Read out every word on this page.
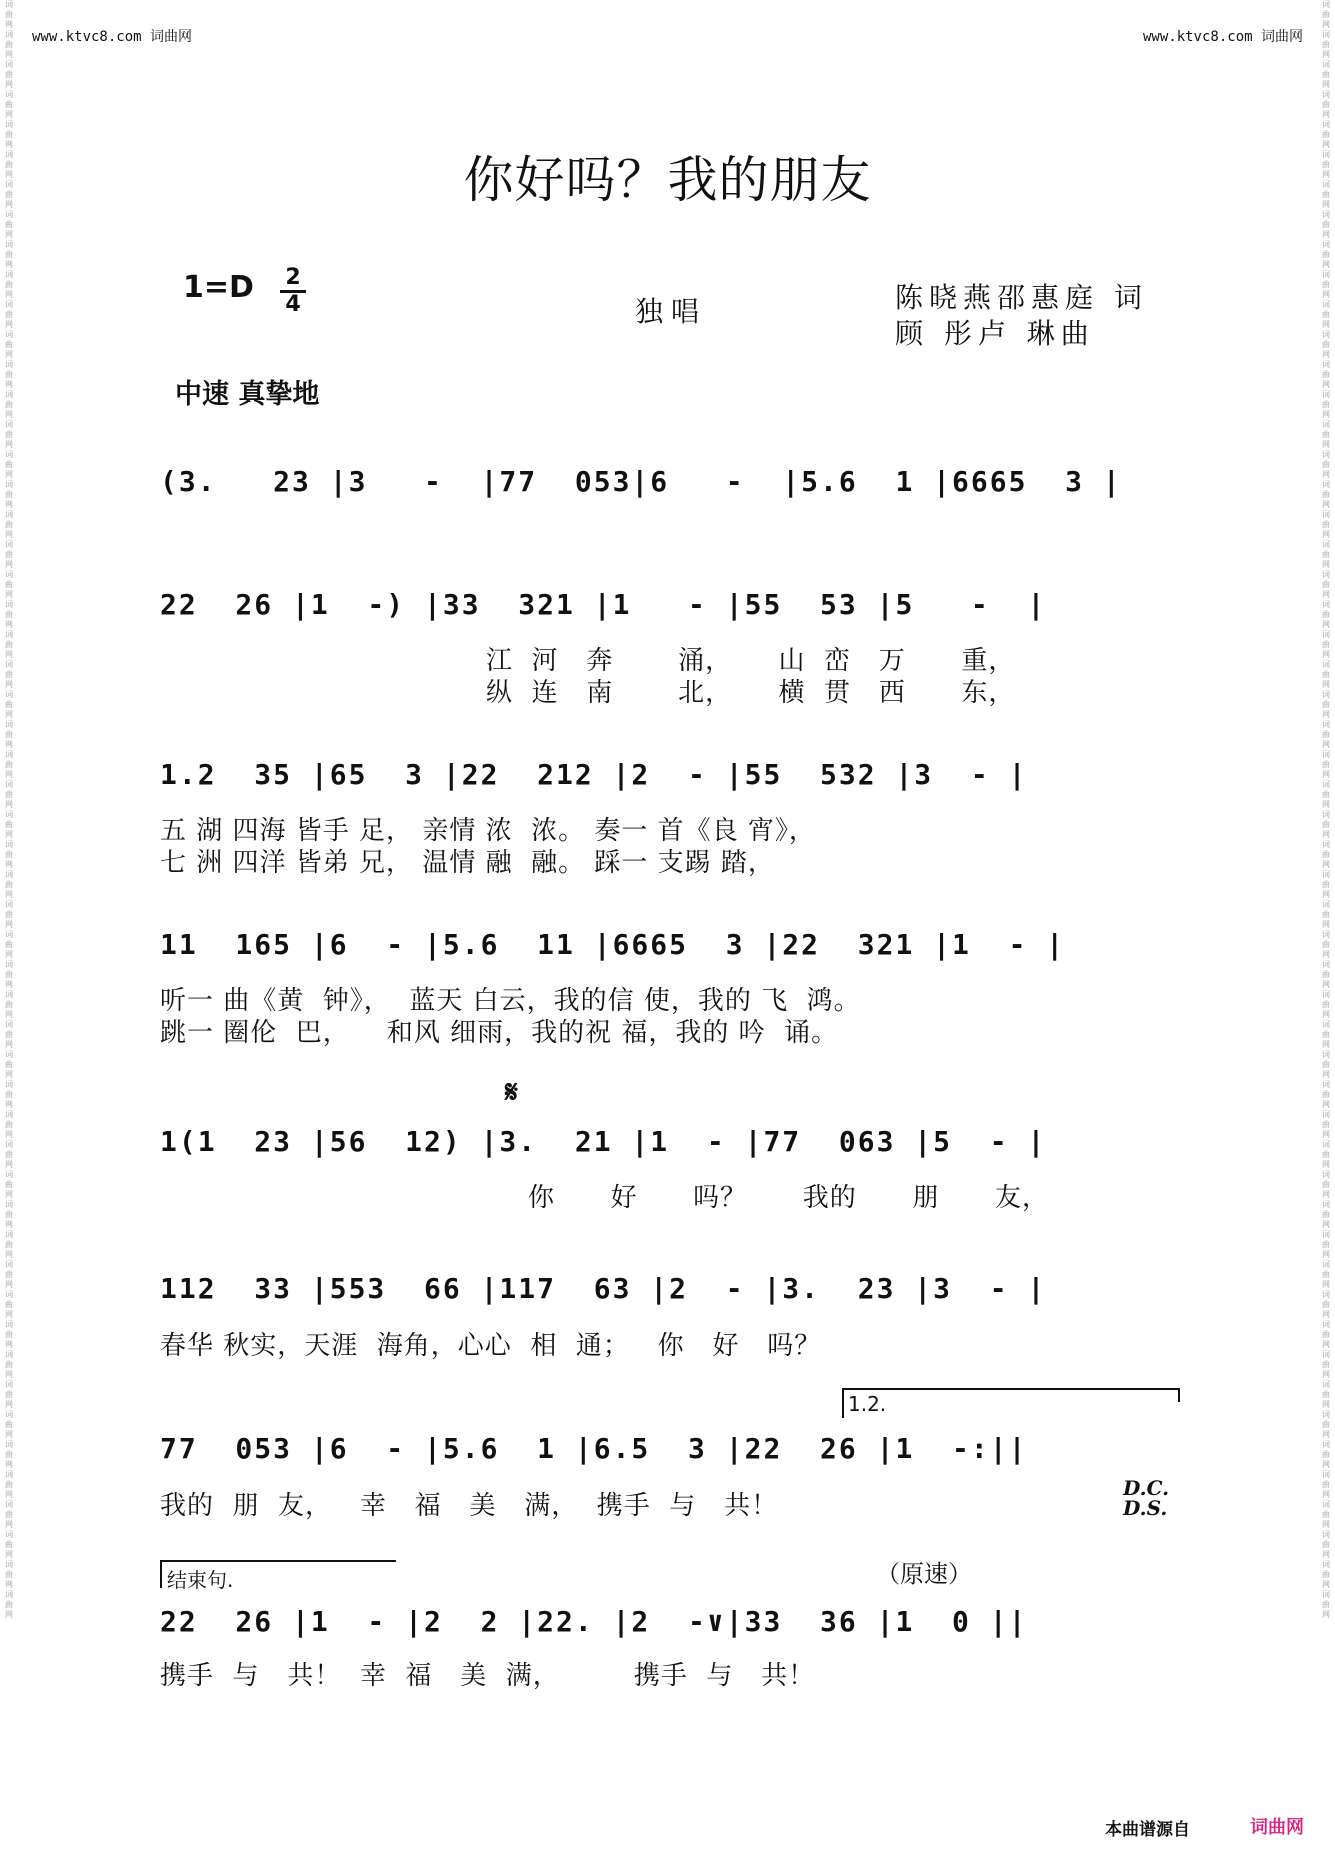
词曲网词曲网词曲网词曲网词曲网词曲网词曲网词曲网词曲网词曲网词曲网词曲网词曲网词曲网词曲网词曲网词曲网词曲网词曲网词曲网词曲网词曲网词曲网词曲网词曲网词曲网词曲网词曲网词曲网词曲网词曲网词曲网词曲网词曲网词曲网词曲网词曲网词曲网词曲网词曲网词曲网词曲网词曲网词曲网词曲网词曲网词曲网词曲网词曲网词曲网词曲网词曲网词曲网词曲网
词曲网词曲网词曲网词曲网词曲网词曲网词曲网词曲网词曲网词曲网词曲网词曲网词曲网词曲网词曲网词曲网词曲网词曲网词曲网词曲网词曲网词曲网词曲网词曲网词曲网词曲网词曲网词曲网词曲网词曲网词曲网词曲网词曲网词曲网词曲网词曲网词曲网词曲网词曲网词曲网词曲网词曲网词曲网词曲网词曲网词曲网词曲网词曲网词曲网词曲网词曲网词曲网词曲网词曲网
www.ktvc8.com 词曲网	www.ktvc8.com 词曲网
你好吗？我的朋友
1=D 2
4	独唱	陈晓燕邵惠庭 词
顾 彤卢 琳曲
中速 真挚地
(3.   23 |3   -  |77  053|6   -  |5.6  1 |6665  3 |
22  26 |1  -) |33  321 |1   - |55  53 |5   -  |
江  河   奔       涌，     山  峦   万      重，
纵  连   南       北，     横  贯   西      东，
1.2  35 |65  3 |22  212 |2  - |55  532 |3  - |
五 湖 四海 皆手 足， 亲情 浓  浓。 奏一 首《良 宵》，
七 洲 四洋 皆弟 兄， 温情 融  融。 踩一 支踢 踏，
11  165 |6  - |5.6  11 |6665  3 |22  321 |1  - |
听一 曲《黄  钟》，  蓝天 白云，我的信 使，我的 飞  鸿。
跳一 圈伦  巴，    和风 细雨，我的祝 福，我的 吟  诵。
𝄋
1(1  23 |56  12) |3.  21 |1  - |77  063 |5  - |
你      好      吗？      我的      朋      友，
112  33 |553  66 |117  63 |2  - |3.  23 |3  - |
春华 秋实，天涯  海角，心心  相  通；   你   好   吗？
1.2.
77  053 |6  - |5.6  1 |6.5  3 |22  26 |1  -:||
我的  朋  友，   幸   福   美   满，  携手  与   共！
D.C.
D.S.
结束句.	（原速）
22  26 |1  - |2  2 |22. |2  -∨|33  36 |1  0 ||
携手  与   共！  幸  福   美  满，        携手  与   共！
本曲谱源自	词曲网
